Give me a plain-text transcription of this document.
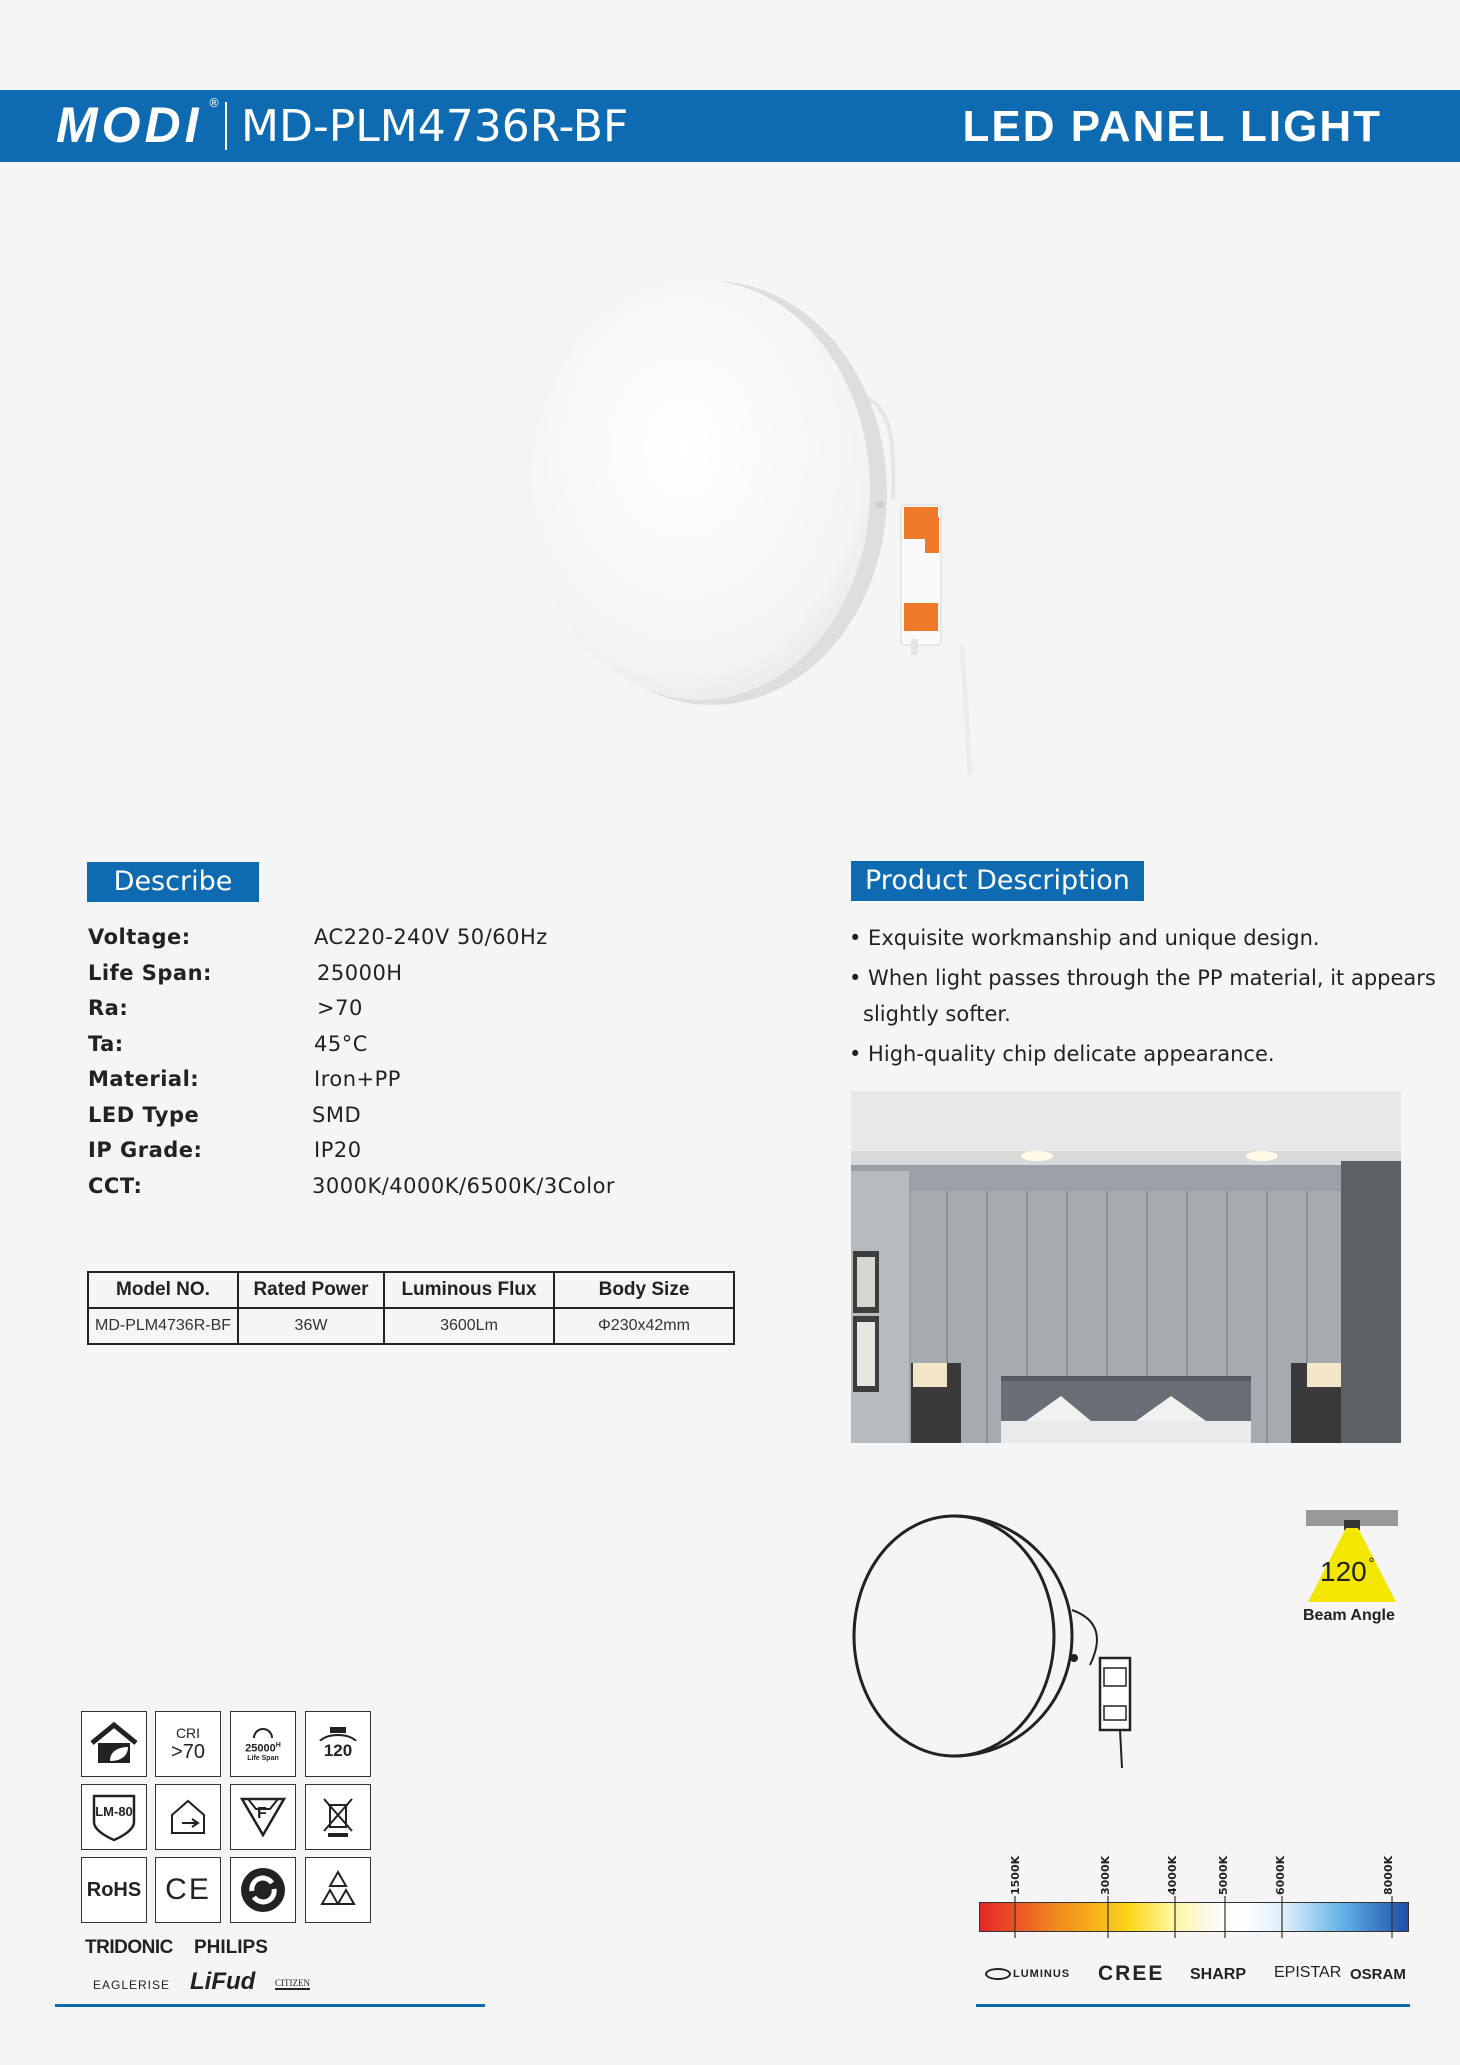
MODI ® MD-PLM4736R-BF	LED PANEL LIGHT
Describe
Voltage:	AC220-240V 50/60Hz
Life Span:	25000H
Ra:	>70
Ta:	45°C
Material:	Iron+PP
LED Type	SMD
IP Grade:	IP20
CCT:	3000K/4000K/6500K/3Color
Model NO.	Rated Power	Luminous Flux	Body Size
MD-PLM4736R-BF	36W	3600Lm	Φ230x42mm
Product Description
• Exquisite workmanship and unique design.
• When light passes through the PP material, it appears
slightly softer.
• High-quality chip delicate appearance.
120 °
Beam Angle
CRI
>70	$25000^H$
Life Span	120
LM-80	F
RoHS CE
TRIDONIC PHILIPS
EAGLERISE LiFud CITIZEN
1500K	3000K	4000K	5000K	6000K	8000K
LUMINUS CREE SHARP EPISTAR OSRAM
